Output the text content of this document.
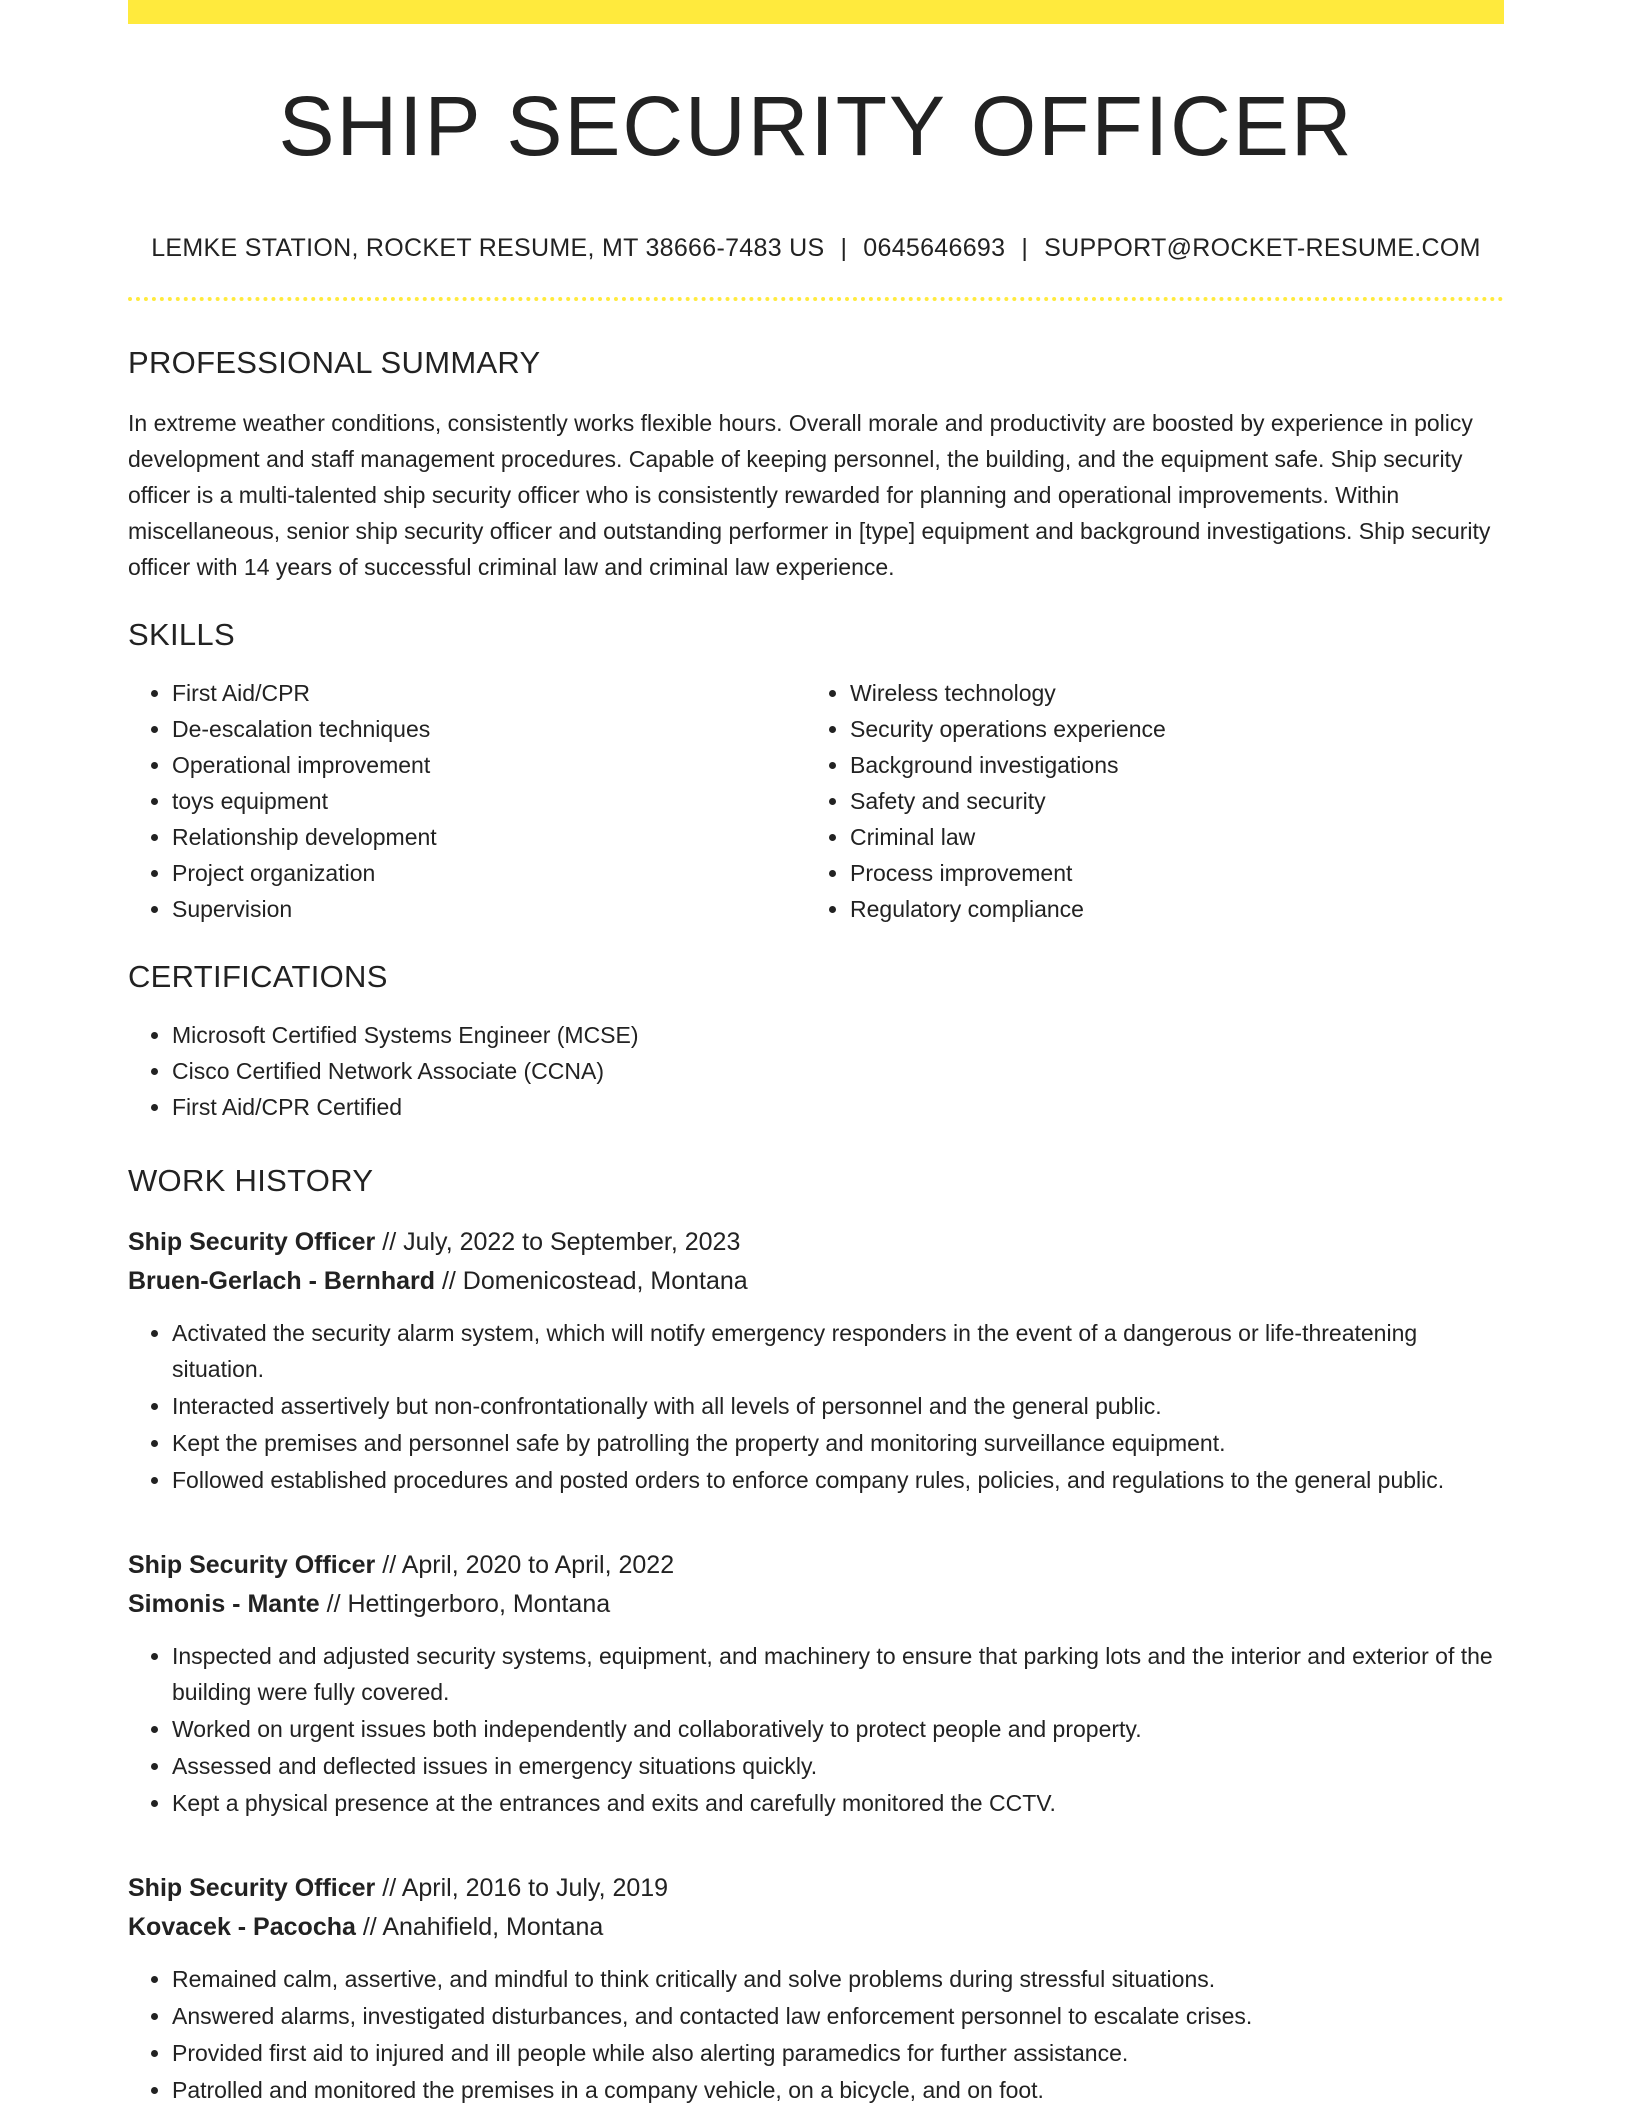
SHIP SECURITY OFFICER
LEMKE STATION, ROCKET RESUME, MT 38666-7483 US | 0645646693 | SUPPORT@ROCKET-RESUME.COM
PROFESSIONAL SUMMARY
In extreme weather conditions, consistently works flexible hours. Overall morale and productivity are boosted by experience in policy development and staff management procedures. Capable of keeping personnel, the building, and the equipment safe. Ship security officer is a multi-talented ship security officer who is consistently rewarded for planning and operational improvements. Within miscellaneous, senior ship security officer and outstanding performer in [type] equipment and background investigations. Ship security officer with 14 years of successful criminal law and criminal law experience.
SKILLS
• First Aid/CPR
• De-escalation techniques
• Operational improvement
• toys equipment
• Relationship development
• Project organization
• Supervision
• Wireless technology
• Security operations experience
• Background investigations
• Safety and security
• Criminal law
• Process improvement
• Regulatory compliance
CERTIFICATIONS
• Microsoft Certified Systems Engineer (MCSE)
• Cisco Certified Network Associate (CCNA)
• First Aid/CPR Certified
WORK HISTORY
Ship Security Officer // July, 2022 to September, 2023
Bruen-Gerlach - Bernhard // Domenicostead, Montana
• Activated the security alarm system, which will notify emergency responders in the event of a dangerous or life-threatening situation.
• Interacted assertively but non-confrontationally with all levels of personnel and the general public.
• Kept the premises and personnel safe by patrolling the property and monitoring surveillance equipment.
• Followed established procedures and posted orders to enforce company rules, policies, and regulations to the general public.
Ship Security Officer // April, 2020 to April, 2022
Simonis - Mante // Hettingerboro, Montana
• Inspected and adjusted security systems, equipment, and machinery to ensure that parking lots and the interior and exterior of the building were fully covered.
• Worked on urgent issues both independently and collaboratively to protect people and property.
• Assessed and deflected issues in emergency situations quickly.
• Kept a physical presence at the entrances and exits and carefully monitored the CCTV.
Ship Security Officer // April, 2016 to July, 2019
Kovacek - Pacocha // Anahifield, Montana
• Remained calm, assertive, and mindful to think critically and solve problems during stressful situations.
• Answered alarms, investigated disturbances, and contacted law enforcement personnel to escalate crises.
• Provided first aid to injured and ill people while also alerting paramedics for further assistance.
• Patrolled and monitored the premises in a company vehicle, on a bicycle, and on foot.
